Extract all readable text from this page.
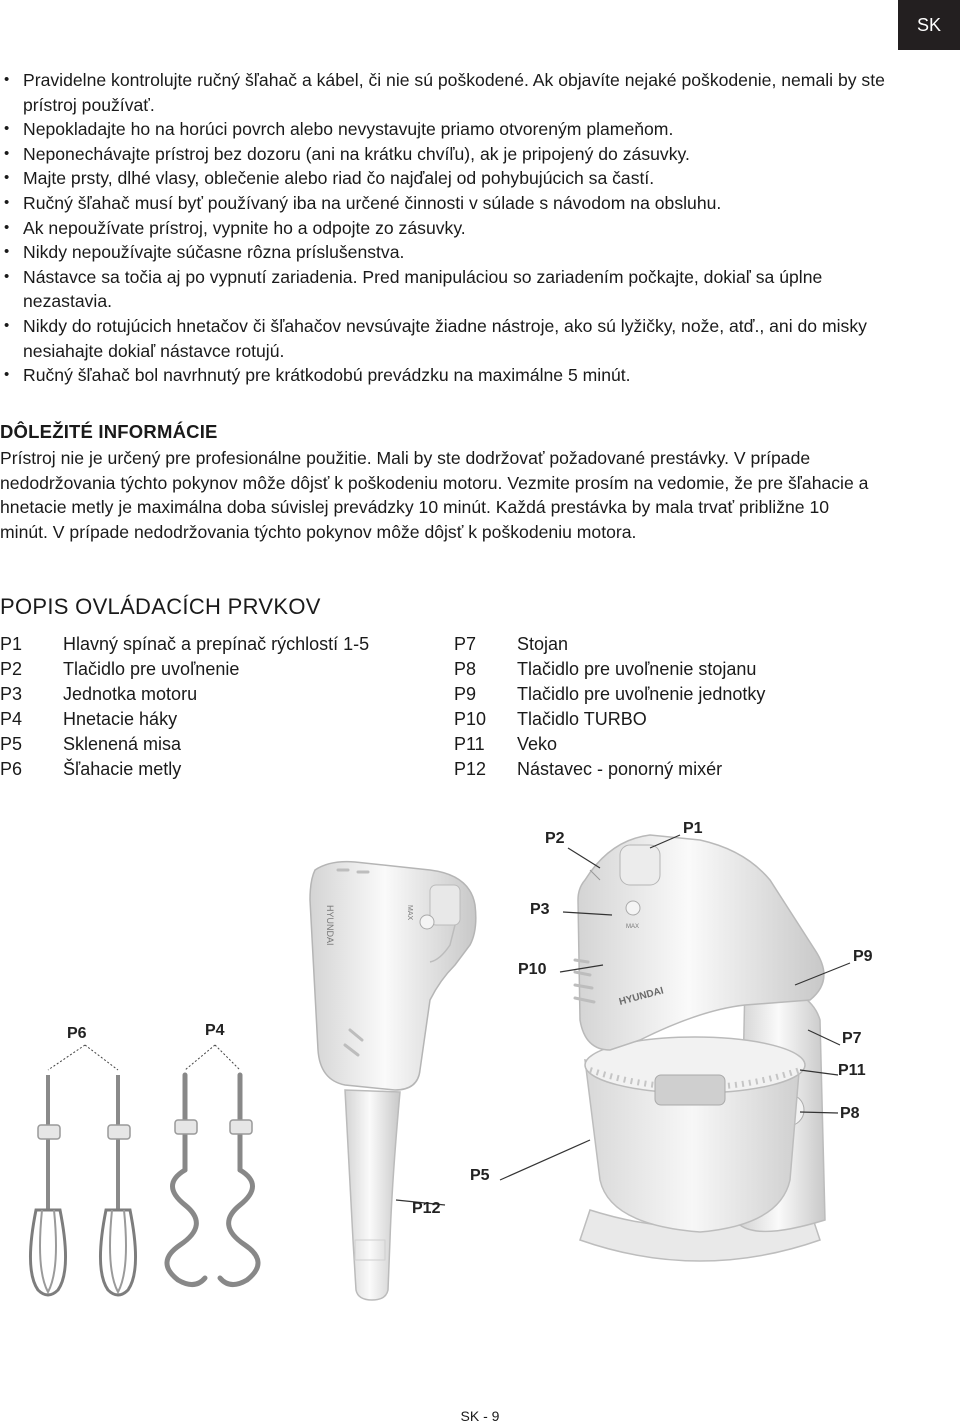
SK
• Pravidelne kontrolujte ručný šľahač a kábel, či nie sú poškodené. Ak objavíte nejaké poškodenie, nemali by ste prístroj používať.
• Nepokladajte ho na horúci povrch alebo nevystavujte priamo otvoreným plameňom.
• Neponechávajte prístroj bez dozoru (ani na krátku chvíľu), ak je pripojený do zásuvky.
• Majte prsty, dlhé vlasy, oblečenie alebo riad čo najďalej od pohybujúcich sa častí.
• Ručný šľahač musí byť používaný iba na určené činnosti v súlade s návodom na obsluhu.
• Ak nepoužívate prístroj, vypnite ho a odpojte zo zásuvky.
• Nikdy nepoužívajte súčasne rôzna príslušenstva.
• Nástavce sa točia aj po vypnutí zariadenia. Pred manipuláciou so zariadením počkajte, dokiaľ sa úplne nezastavia.
• Nikdy do rotujúcich hnetačov či šľahačov nevsúvajte žiadne nástroje, ako sú lyžičky, nože, atď., ani do misky nesiahajte dokiaľ nástavce rotujú.
• Ručný šľahač bol navrhnutý pre krátkodobú prevádzku na maximálne 5 minút.
DÔLEŽITÉ INFORMÁCIE

Prístroj nie je určený pre profesionálne použitie. Mali by ste dodržovať požadované prestávky. V prípade nedodržovania týchto pokynov môže dôjsť k poškodeniu motoru. Vezmite prosím na vedomie, že pre šľahacie a hnetacie metly je maximálna doba súvislej prevádzky 10 minút. Každá prestávka by mala trvať približne 10 minút. V prípade nedodržovania týchto pokynov môže dôjsť k poškodeniu motora.

POPIS OVLÁDACÍCH PRVKOV
P1	Hlavný spínač a prepínač rýchlostí 1-5
P2	Tlačidlo pre uvoľnenie
P3	Jednotka motoru
P4	Hnetacie háky
P5	Sklenená misa
P6	Šľahacie metly
P7	Stojan
P8	Tlačidlo pre uvoľnenie stojanu
P9	Tlačidlo pre uvoľnenie jednotky
P10	Tlačidlo TURBO
P11	Veko
P12	Nástavec - ponorný mixér
HYUNDAI	MAX
MAX
HYUNDAI
P2
P1
P3
P10
P9
P6	P4	P7
P11
P8
P5
P12
SK - 9
